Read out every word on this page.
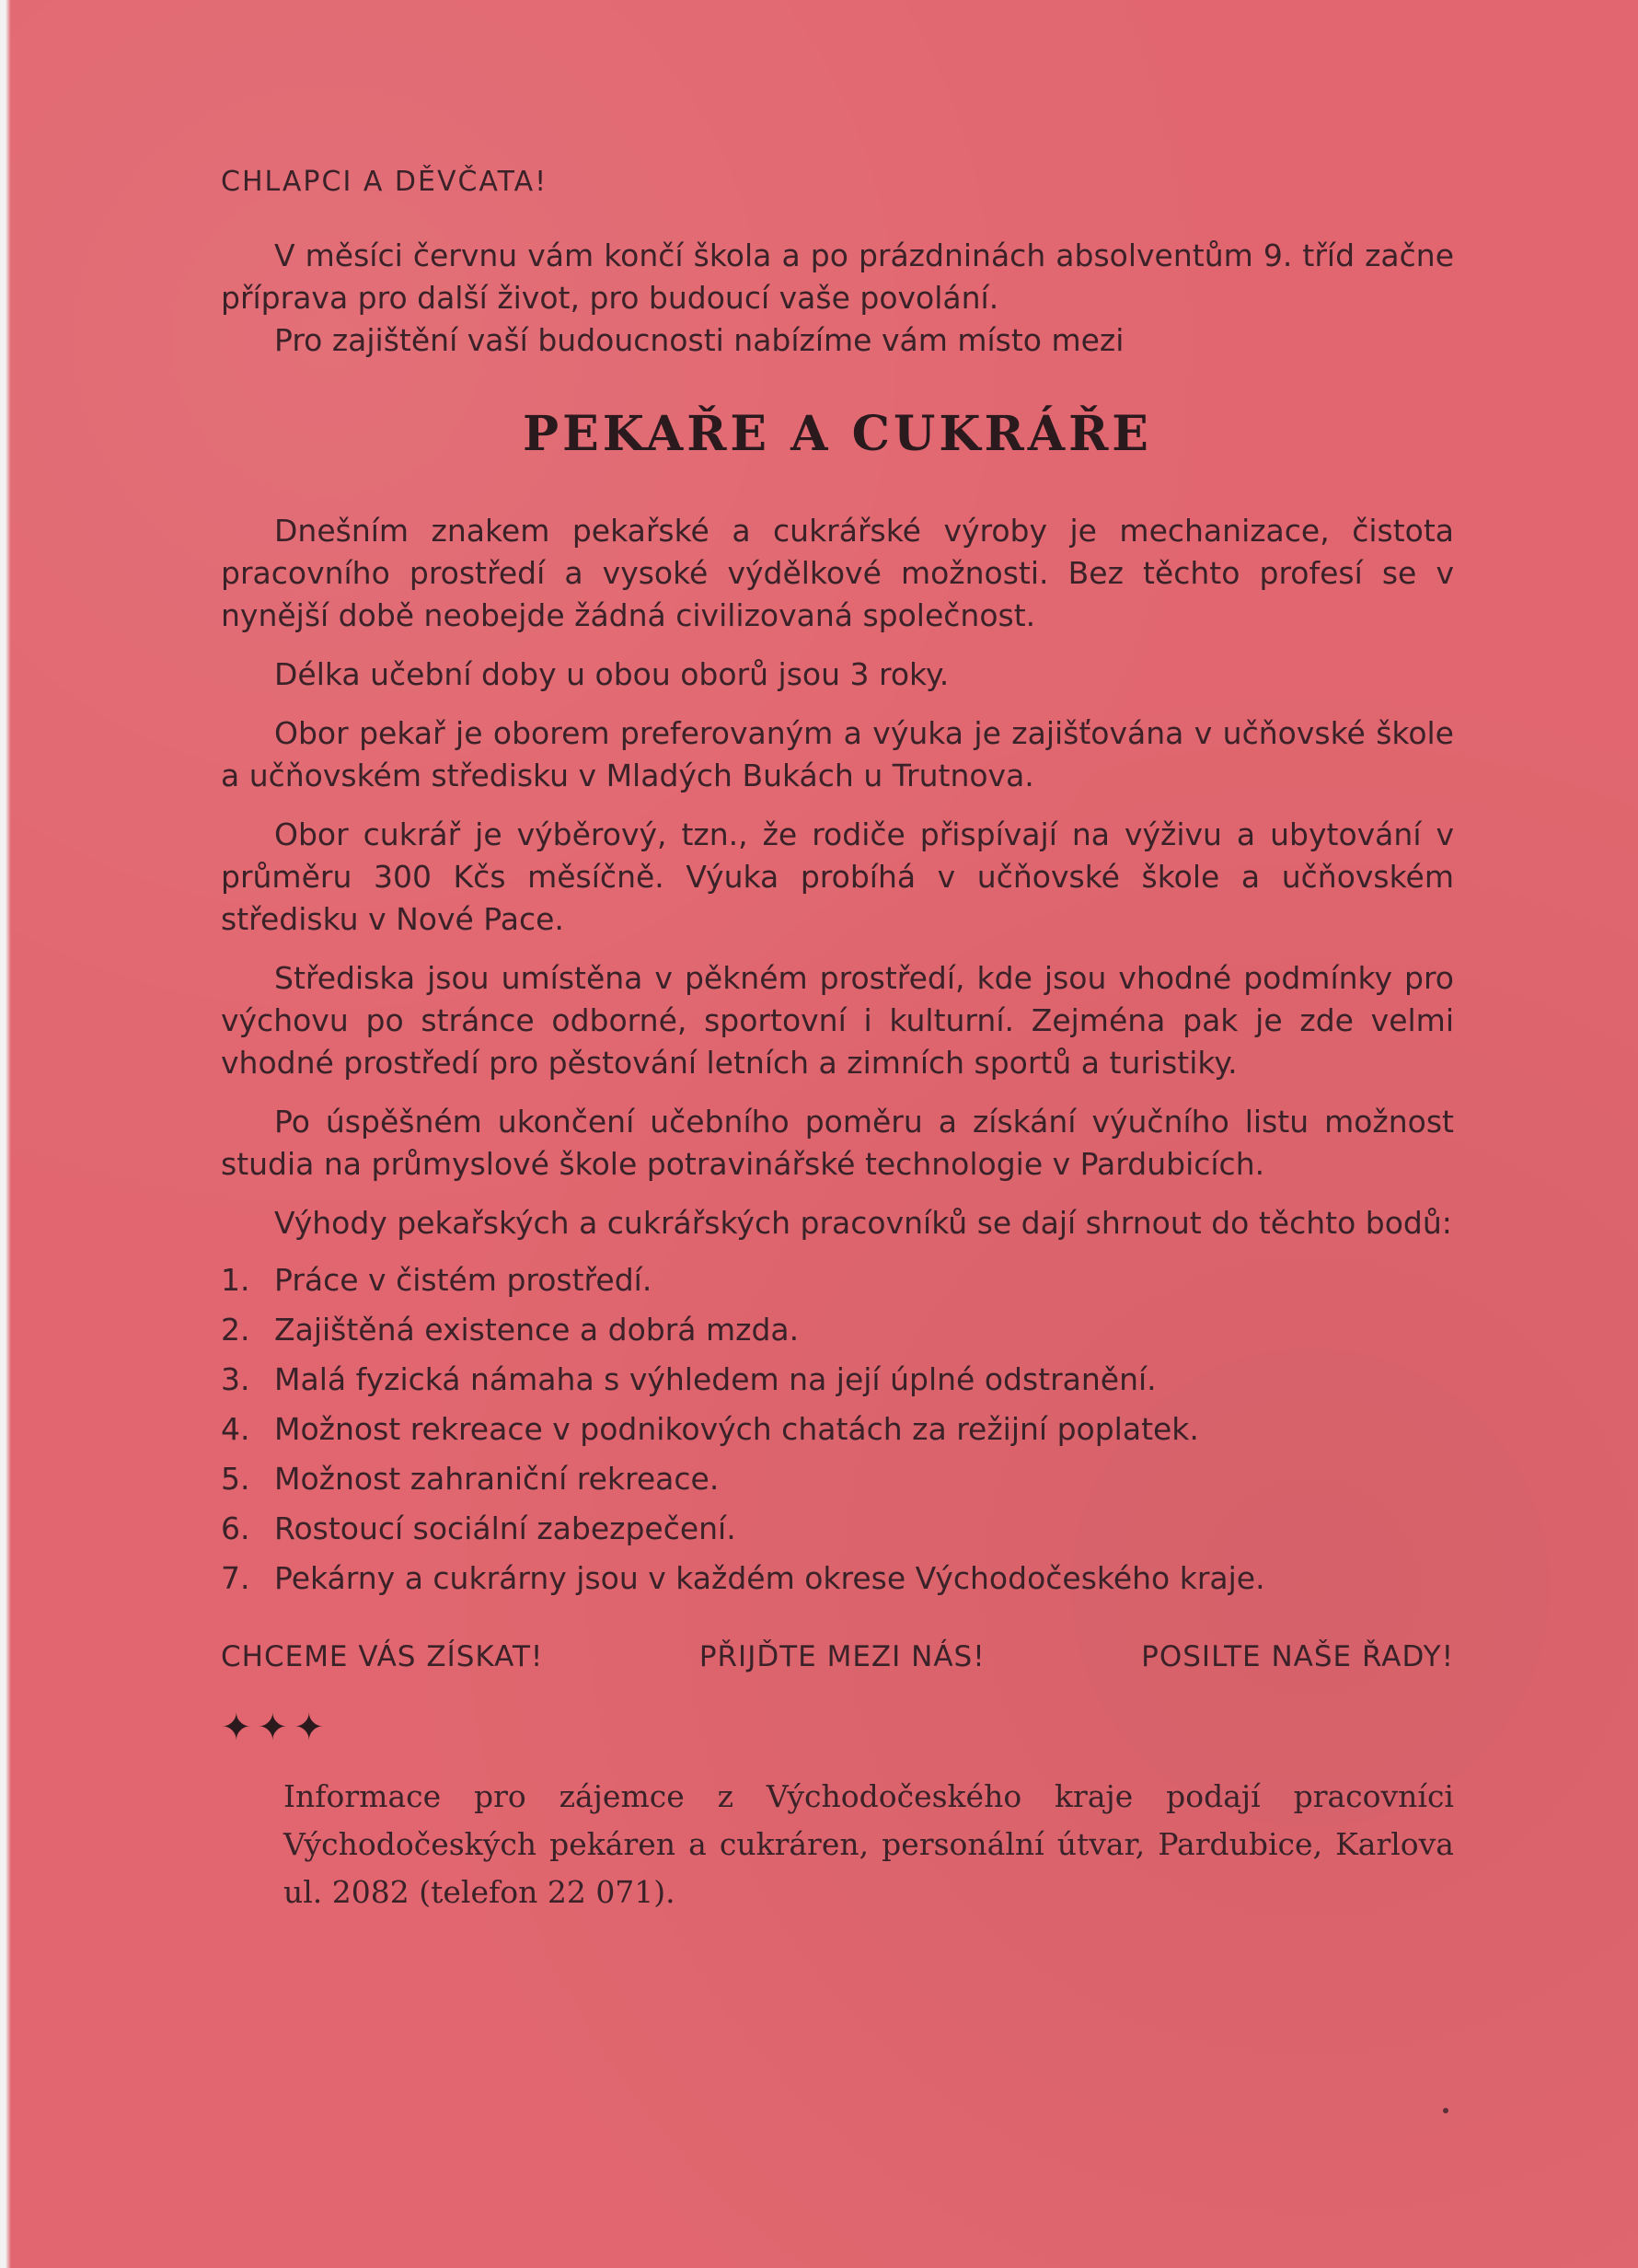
CHLAPCI A DĚVČATA!

V měsíci červnu vám končí škola a po prázdninách absolventům 9. tříd začne příprava pro další život, pro budoucí vaše povolání.

Pro zajištění vaší budoucnosti nabízíme vám místo mezi

PEKAŘE A CUKRÁŘE

Dnešním znakem pekařské a cukrářské výroby je mechanizace, čistota pracovního prostředí a vysoké výdělkové možnosti. Bez těchto profesí se v nynější době neobejde žádná civilizovaná společnost.

Délka učební doby u obou oborů jsou 3 roky.

Obor pekař je oborem preferovaným a výuka je zajišťována v učňovské škole a učňovském středisku v Mladých Bukách u Trutnova.

Obor cukrář je výběrový, tzn., že rodiče přispívají na výživu a ubytování v průměru 300 Kčs měsíčně. Výuka probíhá v učňovské škole a učňovském středisku v Nové Pace.

Střediska jsou umístěna v pěkném prostředí, kde jsou vhodné podmínky pro výchovu po stránce odborné, sportovní i kulturní. Zejména pak je zde velmi vhodné prostředí pro pěstování letních a zimních sportů a turistiky.

Po úspěšném ukončení učebního poměru a získání výučního listu možnost studia na průmyslové škole potravinářské technologie v Pardubicích.

Výhody pekařských a cukrářských pracovníků se dají shrnout do těchto bodů:

1. Práce v čistém prostředí.
2. Zajištěná existence a dobrá mzda.
3. Malá fyzická námaha s výhledem na její úplné odstranění.
4. Možnost rekreace v podnikových chatách za režijní poplatek.
5. Možnost zahraniční rekreace.
6. Rostoucí sociální zabezpečení.
7. Pekárny a cukrárny jsou v každém okrese Východočeského kraje.
CHCEME VÁS ZÍSKAT!	PŘIJĎTE MEZI NÁS!	POSILTE NAŠE ŘADY!
✦✦✦

Informace pro zájemce z Východočeského kraje podají pracovníci Východočeských pekáren a cukráren, personální útvar, Pardubice, Karlova ul. 2082 (telefon 22 071).
